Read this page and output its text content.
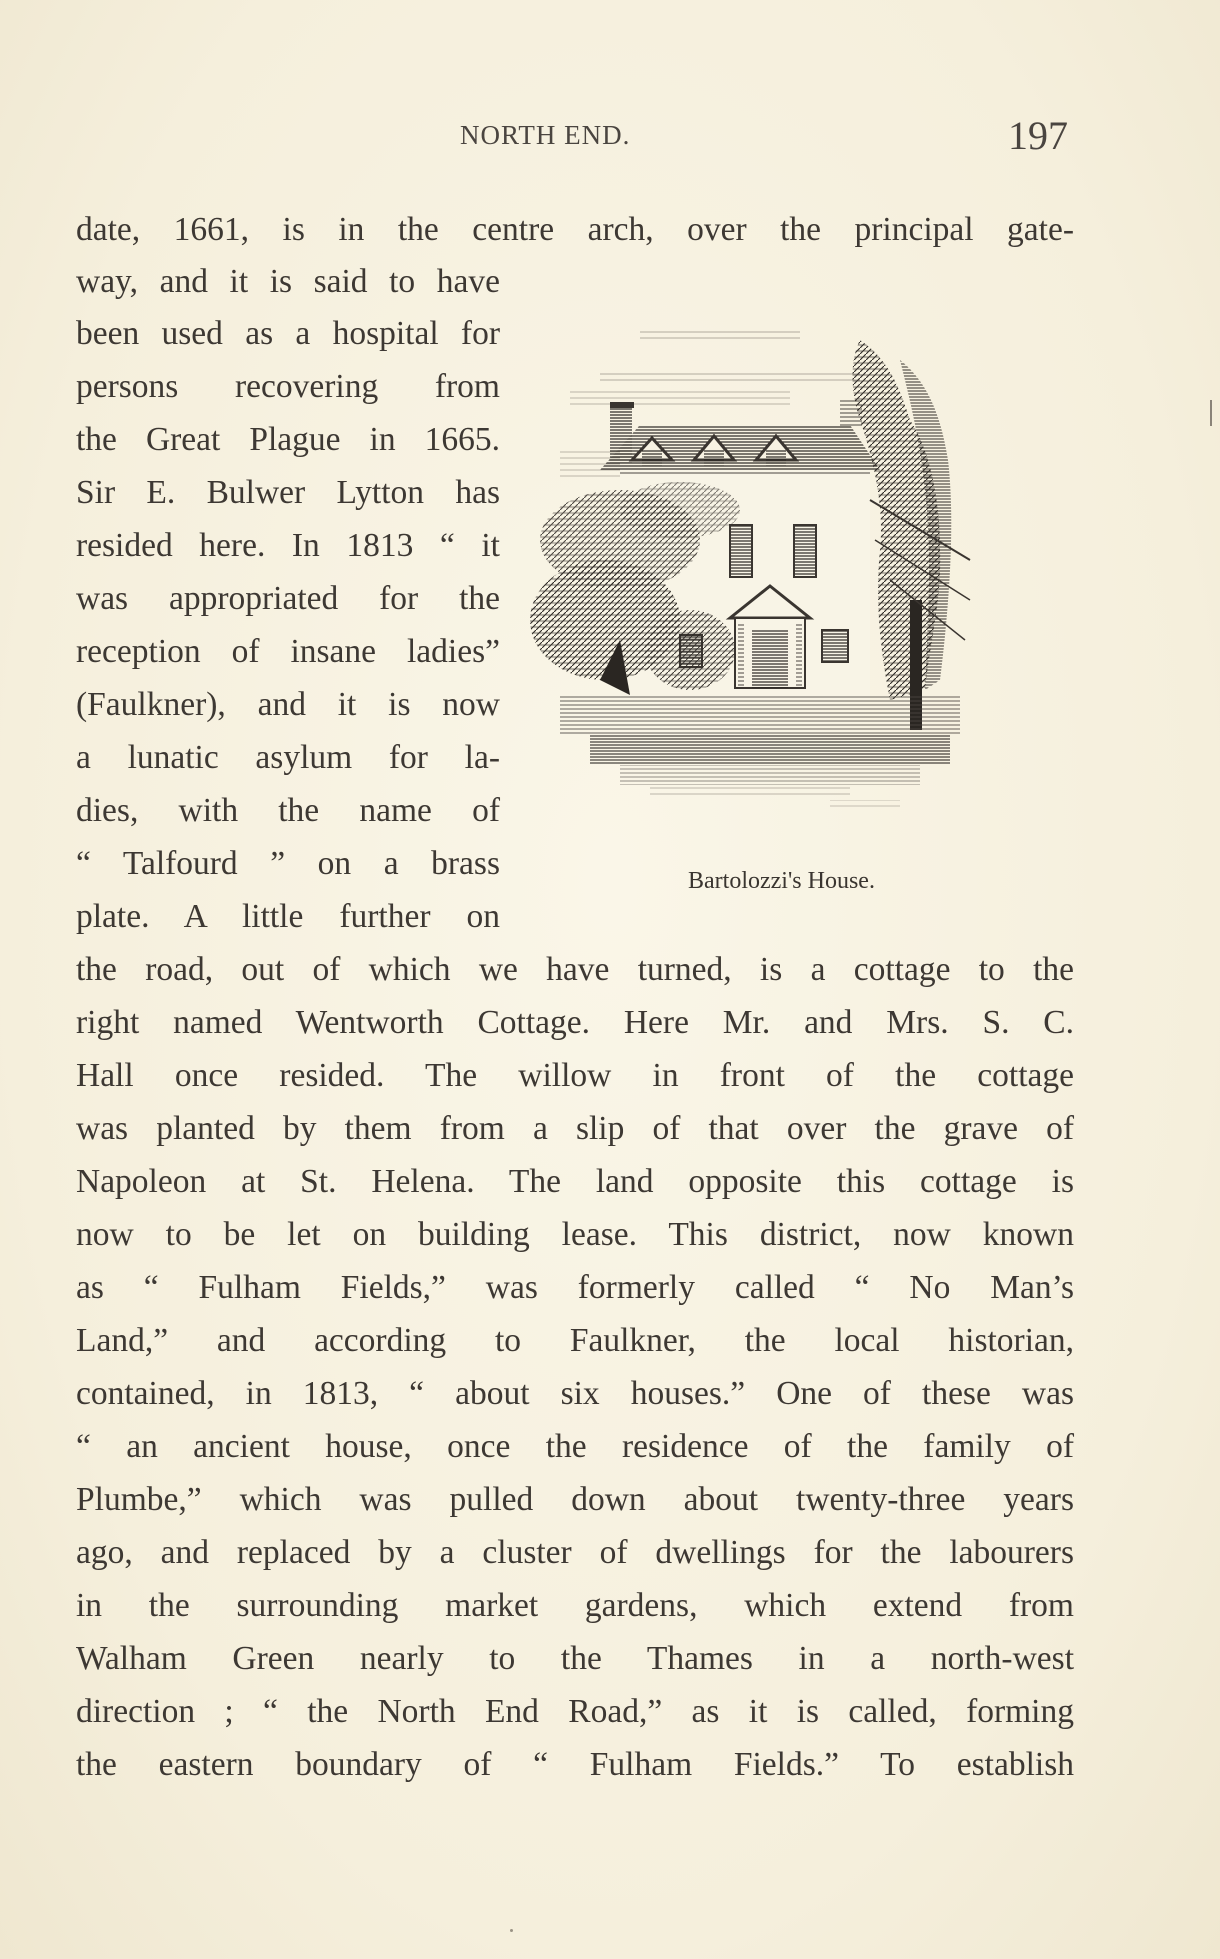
NORTH END.	197
date, 1661, is in the centre arch, over the principal gate-
way, and it is said to have
been used as a hospital for
persons recovering from
the Great Plague in 1665.
Sir E. Bulwer Lytton has
resided here. In 1813 “ it
was appropriated for the
reception of insane ladies”
(Faulkner), and it is now
a lunatic asylum for la-
dies, with the name of
“ Talfourd ” on a brass
plate. A little further on
the road, out of which we have turned, is a cottage to the
right named Wentworth Cottage. Here Mr. and Mrs. S. C.
Hall once resided. The willow in front of the cottage
was planted by them from a slip of that over the grave of
Napoleon at St. Helena. The land opposite this cottage is
now to be let on building lease. This district, now known
as “ Fulham Fields,” was formerly called “ No Man’s
Land,” and according to Faulkner, the local historian,
contained, in 1813, “ about six houses.” One of these was
“ an ancient house, once the residence of the family of
Plumbe,” which was pulled down about twenty-three years
ago, and replaced by a cluster of dwellings for the labourers
in the surrounding market gardens, which extend from
Walham Green nearly to the Thames in a north-west
direction ; “ the North End Road,” as it is called, forming
the eastern boundary of “ Fulham Fields.” To establish
Bartolozzi's House.
